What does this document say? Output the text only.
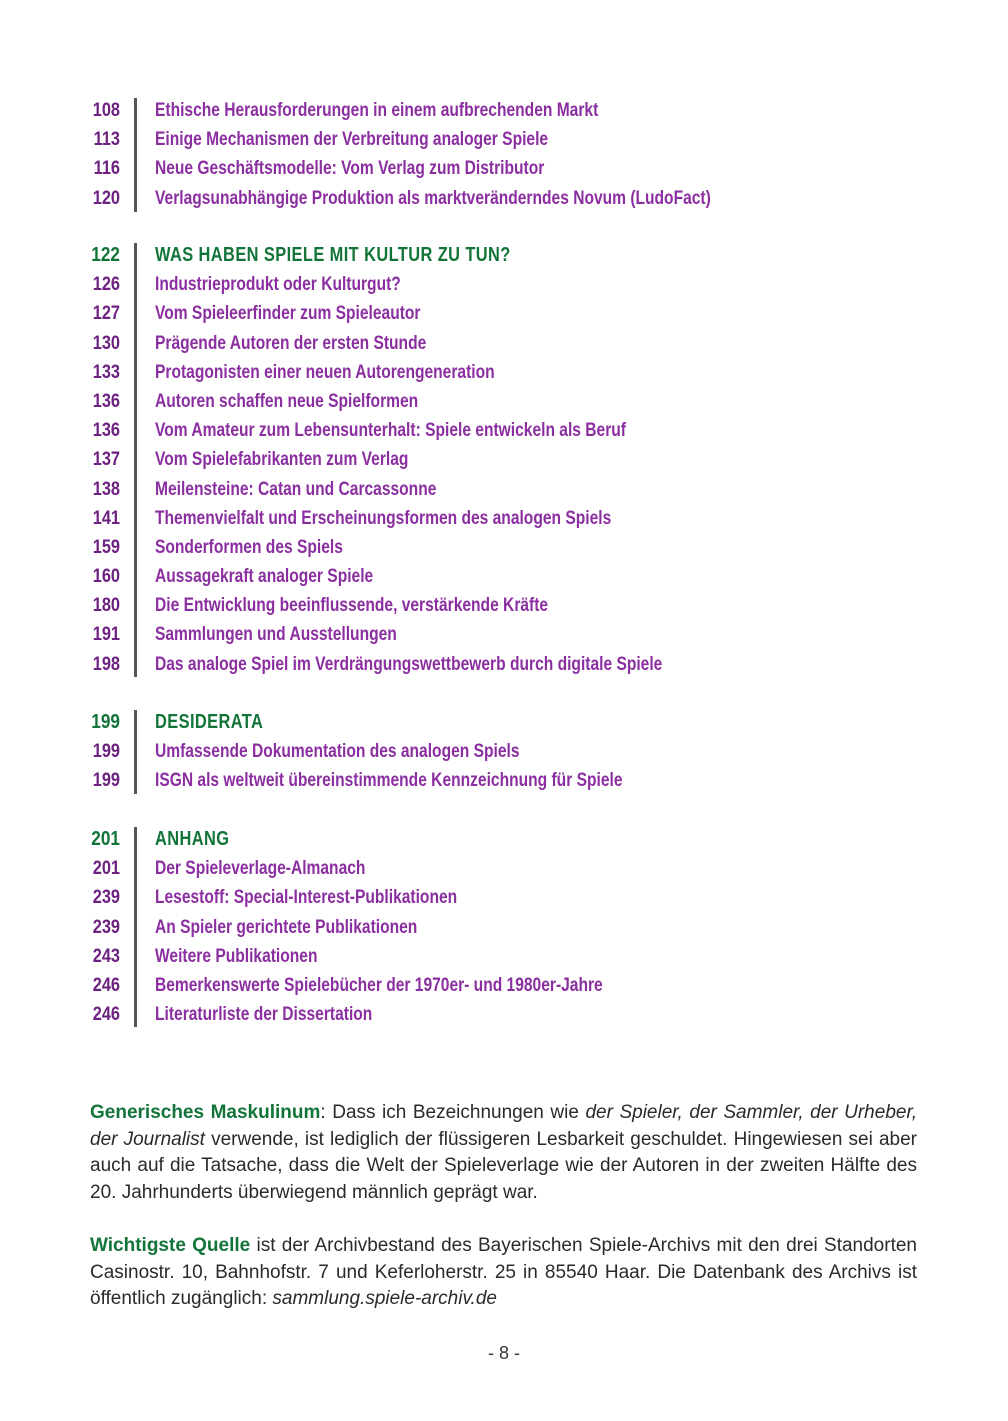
108 Ethische Herausforderungen in einem aufbrechenden Markt
113 Einige Mechanismen der Verbreitung analoger Spiele
116 Neue Geschäftsmodelle: Vom Verlag zum Distributor
120 Verlagsunabhängige Produktion als marktveränderndes Novum (LudoFact)
122 WAS HABEN SPIELE MIT KULTUR ZU TUN?
126 Industrieprodukt oder Kulturgut?
127 Vom Spieleerfinder zum Spieleautor
130 Prägende Autoren der ersten Stunde
133 Protagonisten einer neuen Autorengeneration
136 Autoren schaffen neue Spielformen
136 Vom Amateur zum Lebensunterhalt: Spiele entwickeln als Beruf
137 Vom Spielefabrikanten zum Verlag
138 Meilensteine: Catan und Carcassonne
141 Themenvielfalt und Erscheinungsformen des analogen Spiels
159 Sonderformen des Spiels
160 Aussagekraft analoger Spiele
180 Die Entwicklung beeinflussende, verstärkende Kräfte
191 Sammlungen und Ausstellungen
198 Das analoge Spiel im Verdrängungswettbewerb durch digitale Spiele
199 DESIDERATA
199 Umfassende Dokumentation des analogen Spiels
199 ISGN als weltweit übereinstimmende Kennzeichnung für Spiele
201 ANHANG
201 Der Spieleverlage-Almanach
239 Lesestoff: Special-Interest-Publikationen
239 An Spieler gerichtete Publikationen
243 Weitere Publikationen
246 Bemerkenswerte Spielebücher der 1970er- und 1980er-Jahre
246 Literaturliste der Dissertation

Generisches Maskulinum: Dass ich Bezeichnungen wie der Spieler, der Sammler, der Urheber, der Journalist verwende, ist lediglich der flüssigeren Lesbarkeit geschuldet. Hingewiesen sei aber auch auf die Tatsache, dass die Welt der Spieleverlage wie der Autoren in der zweiten Hälfte des 20. Jahrhunderts überwiegend männlich geprägt war.

Wichtigste Quelle ist der Archivbestand des Bayerischen Spiele-Archivs mit den drei Standorten Casinostr. 10, Bahnhofstr. 7 und Keferloherstr. 25 in 85540 Haar. Die Datenbank des Archivs ist öffentlich zugänglich: sammlung.spiele-archiv.de

- 8 -
